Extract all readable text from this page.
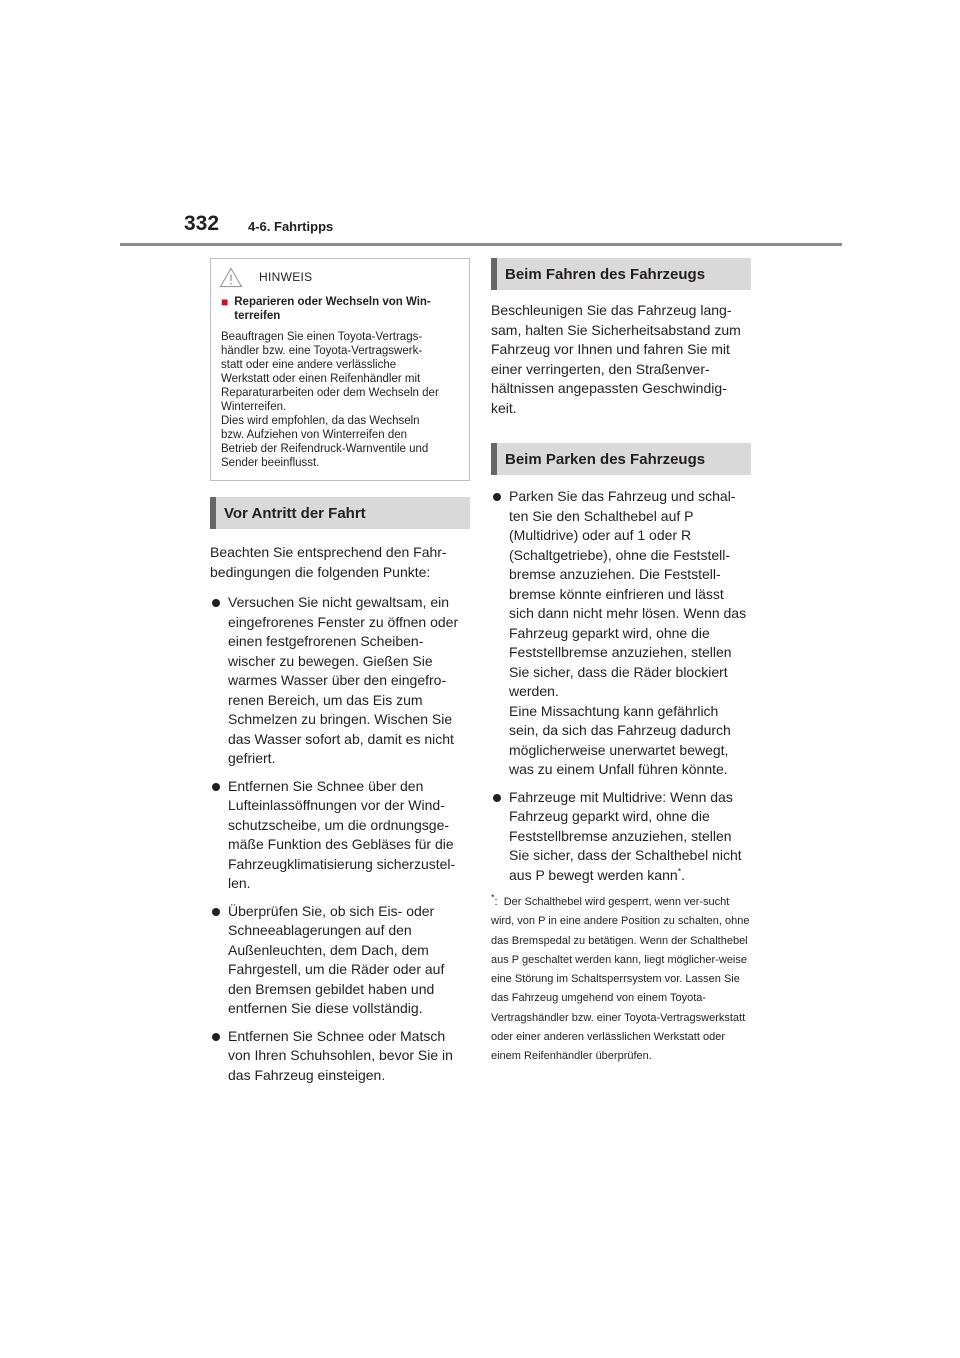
332 4-6. Fahrtipps
HINWEIS
■ Reparieren oder Wechseln von Win-terreifen

Beauftragen Sie einen Toyota-Vertrags-

händler bzw. eine Toyota-Vertragswerk-

statt oder eine andere verlässliche

Werkstatt oder einen Reifenhändler mit

Reparaturarbeiten oder dem Wechseln der

Winterreifen.

Dies wird empfohlen, da das Wechseln

bzw. Aufziehen von Winterreifen den

Betrieb der Reifendruck-Warnventile und

Sender beeinflusst.

Vor Antritt der Fahrt

Beachten Sie entsprechend den Fahr-bedingungen die folgenden Punkte:

Versuchen Sie nicht gewaltsam, ein eingefrorenes Fenster zu öffnen oder einen festgefrorenen Scheiben-wischer zu bewegen. Gießen Sie warmes Wasser über den eingefro-renen Bereich, um das Eis zum Schmelzen zu bringen. Wischen Sie das Wasser sofort ab, damit es nicht gefriert.

Entfernen Sie Schnee über den Lufteinlassöffnungen vor der Wind-schutzscheibe, um die ordnungsge-mäße Funktion des Gebläses für die Fahrzeugklimatisierung sicherzustel-len.

Überprüfen Sie, ob sich Eis- oder Schneeablagerungen auf den Außenleuchten, dem Dach, dem Fahrgestell, um die Räder oder auf den Bremsen gebildet haben und entfernen Sie diese vollständig.

Entfernen Sie Schnee oder Matsch von Ihren Schuhsohlen, bevor Sie in das Fahrzeug einsteigen.

Beim Fahren des Fahrzeugs

Beschleunigen Sie das Fahrzeug lang-sam, halten Sie Sicherheitsabstand zum Fahrzeug vor Ihnen und fahren Sie mit einer verringerten, den Straßenver-hältnissen angepassten Geschwindig-keit.

Beim Parken des Fahrzeugs

Parken Sie das Fahrzeug und schal-ten Sie den Schalthebel auf P (Multidrive) oder auf 1 oder R (Schaltgetriebe), ohne die Feststell-bremse anzuziehen. Die Feststell-bremse könnte einfrieren und lässt sich dann nicht mehr lösen. Wenn das Fahrzeug geparkt wird, ohne die Feststellbremse anzuziehen, stellen Sie sicher, dass die Räder blockiert werden.

Eine Missachtung kann gefährlich sein, da sich das Fahrzeug dadurch möglicherweise unerwartet bewegt, was zu einem Unfall führen könnte.

Fahrzeuge mit Multidrive: Wenn das Fahrzeug geparkt wird, ohne die Feststellbremse anzuziehen, stellen Sie sicher, dass der Schalthebel nicht aus P bewegt werden kann*.

*: Der Schalthebel wird gesperrt, wenn ver-sucht wird, von P in eine andere Position zu schalten, ohne das Bremspedal zu betätigen. Wenn der Schalthebel aus P geschaltet werden kann, liegt möglicher-weise eine Störung im Schaltsperrsystem vor. Lassen Sie das Fahrzeug umgehend von einem Toyota-Vertragshändler bzw. einer Toyota-Vertragswerkstatt oder einer anderen verlässlichen Werkstatt oder einem Reifenhändler überprüfen.
